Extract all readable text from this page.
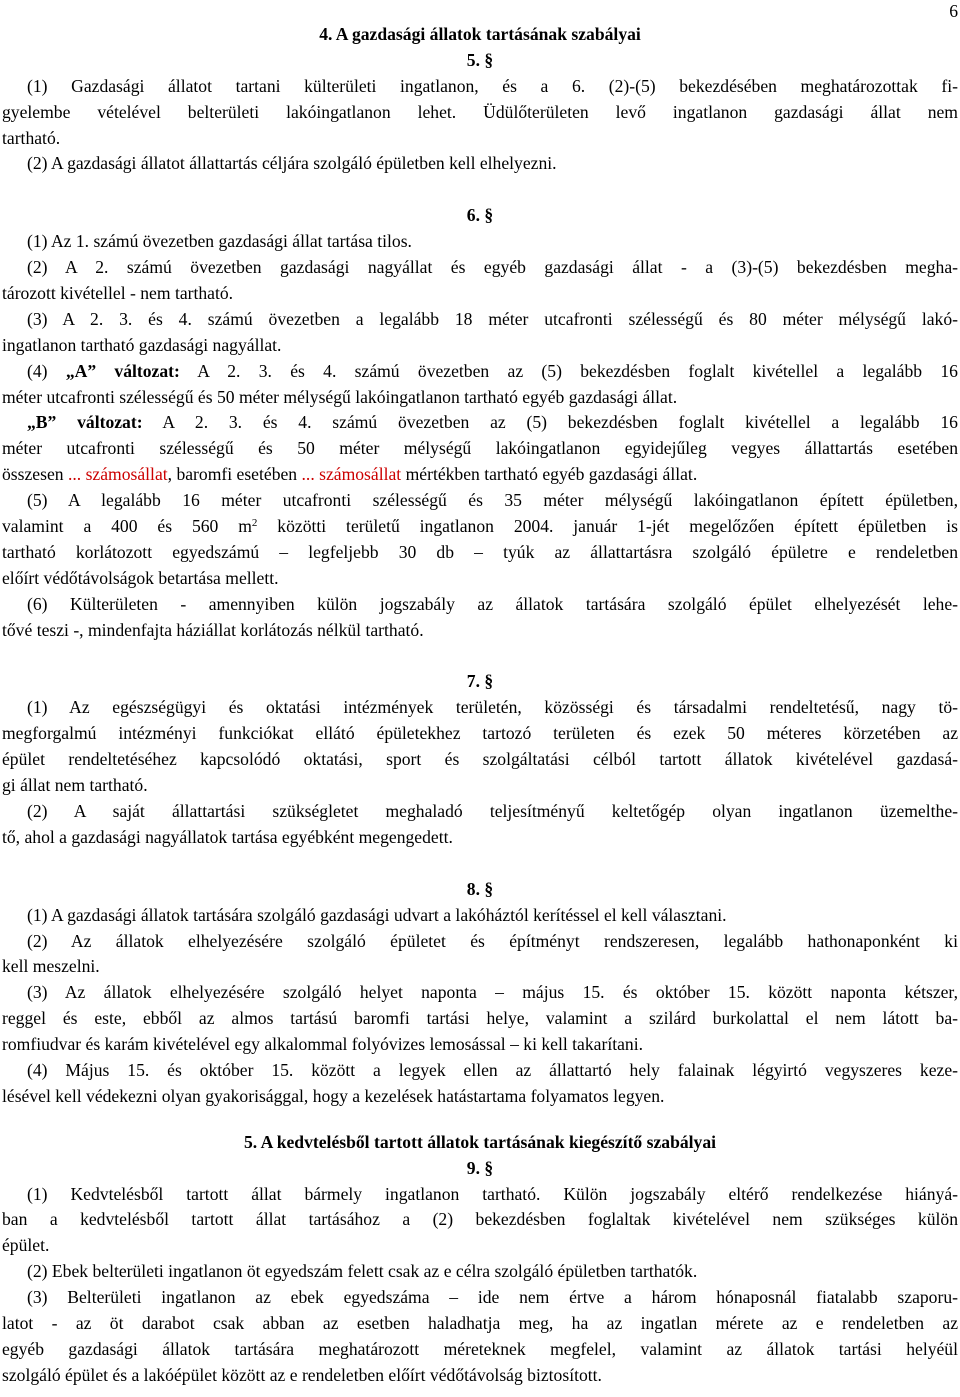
6
4. A gazdasági állatok tartásának szabályai
5. §
(1) Gazdasági állatot tartani külterületi ingatlanon, és a 6. (2)-(5) bekezdésében meghatározottak fi-
gyelembe vételével belterületi lakóingatlanon lehet. Üdülőterületen levő ingatlanon gazdasági állat nem
tartható.
(2) A gazdasági állatot állattartás céljára szolgáló épületben kell elhelyezni.
6. §
(1) Az 1. számú övezetben gazdasági állat tartása tilos.
(2) A 2. számú övezetben gazdasági nagyállat és egyéb gazdasági állat - a (3)-(5) bekezdésben megha-
tározott kivétellel - nem tartható.
(3) A 2. 3. és 4. számú övezetben a legalább 18 méter utcafronti szélességű és 80 méter mélységű lakó-
ingatlanon tartható gazdasági nagyállat.
(4) „A” változat: A 2. 3. és 4. számú övezetben az (5) bekezdésben foglalt kivétellel a legalább 16
méter utcafronti szélességű és 50 méter mélységű lakóingatlanon tartható egyéb gazdasági állat.
„B” változat: A 2. 3. és 4. számú övezetben az (5) bekezdésben foglalt kivétellel a legalább 16
méter utcafronti szélességű és 50 méter mélységű lakóingatlanon egyidejűleg vegyes állattartás esetében
összesen ... számosállat, baromfi esetében ... számosállat mértékben tartható egyéb gazdasági állat.
(5) A legalább 16 méter utcafronti szélességű és 35 méter mélységű lakóingatlanon épített épületben,
valamint a 400 és 560 $m^2$ közötti területű ingatlanon 2004. január 1-jét megelőzően épített épületben is
tartható korlátozott egyedszámú – legfeljebb 30 db – tyúk az állattartásra szolgáló épületre e rendeletben
előírt védőtávolságok betartása mellett.
(6) Külterületen - amennyiben külön jogszabály az állatok tartására szolgáló épület elhelyezését lehe-
tővé teszi -, mindenfajta háziállat korlátozás nélkül tartható.
7. §
(1) Az egészségügyi és oktatási intézmények területén, közösségi és társadalmi rendeltetésű, nagy tö-
megforgalmú intézményi funkciókat ellátó épületekhez tartozó területen és ezek 50 méteres körzetében az
épület rendeltetéséhez kapcsolódó oktatási, sport és szolgáltatási célból tartott állatok kivételével gazdasá-
gi állat nem tartható.
(2) A saját állattartási szükségletet meghaladó teljesítményű keltetőgép olyan ingatlanon üzemelthe-
tő, ahol a gazdasági nagyállatok tartása egyébként megengedett.
8. §
(1) A gazdasági állatok tartására szolgáló gazdasági udvart a lakóháztól kerítéssel el kell választani.
(2) Az állatok elhelyezésére szolgáló épületet és építményt rendszeresen, legalább hathonaponként ki
kell meszelni.
(3) Az állatok elhelyezésére szolgáló helyet naponta – május 15. és október 15. között naponta kétszer,
reggel és este, ebből az almos tartású baromfi tartási helye, valamint a szilárd burkolattal el nem látott ba-
romfiudvar és karám kivételével egy alkalommal folyóvizes lemosással – ki kell takarítani.
(4) Május 15. és október 15. között a legyek ellen az állattartó hely falainak légyirtó vegyszeres keze-
lésével kell védekezni olyan gyakorisággal, hogy a kezelések hatástartama folyamatos legyen.
5. A kedvtelésből tartott állatok tartásának kiegészítő szabályai
9. §
(1) Kedvtelésből tartott állat bármely ingatlanon tartható. Külön jogszabály eltérő rendelkezése hiányá-
ban a kedvtelésből tartott állat tartásához a (2) bekezdésben foglaltak kivételével nem szükséges külön
épület.
(2) Ebek belterületi ingatlanon öt egyedszám felett csak az e célra szolgáló épületben tarthatók.
(3) Belterületi ingatlanon az ebek egyedszáma – ide nem értve a három hónaposnál fiatalabb szaporu-
latot - az öt darabot csak abban az esetben haladhatja meg, ha az ingatlan mérete az e rendeletben az
egyéb gazdasági állatok tartására meghatározott méreteknek megfelel, valamint az állatok tartási helyéül
szolgáló épület és a lakóépület között az e rendeletben előírt védőtávolság biztosított.
